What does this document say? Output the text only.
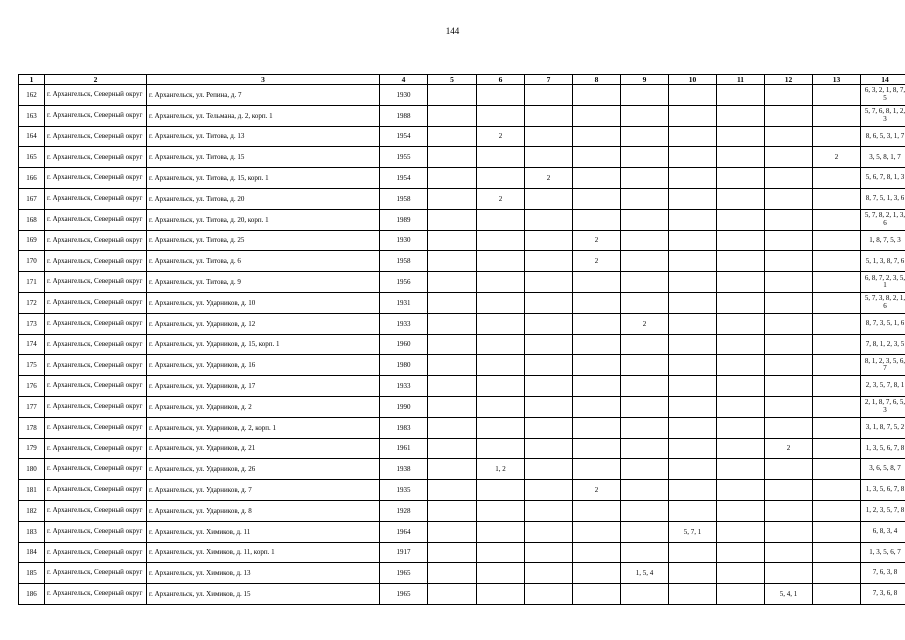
144
1	2	3	4	5	6	7	8	9	10	11	12	13	14
162	г. Архангельск, Северный округ	г. Архангельск, ул. Репина, д. 7	1930										6, 3, 2, 1, 8, 7, 5
163	г. Архангельск, Северный округ	г. Архангельск, ул. Тельмана, д. 2, корп. 1	1988										5, 7, 6, 8, 1, 2, 3
164	г. Архангельск, Северный округ	г. Архангельск, ул. Титова, д. 13	1954		2								8, 6, 5, 3, 1, 7
165	г. Архангельск, Северный округ	г. Архангельск, ул. Титова, д. 15	1955									2	3, 5, 8, 1, 7
166	г. Архангельск, Северный округ	г. Архангельск, ул. Титова, д. 15, корп. 1	1954			2							5, 6, 7, 8, 1, 3
167	г. Архангельск, Северный округ	г. Архангельск, ул. Титова, д. 20	1958		2								8, 7, 5, 1, 3, 6
168	г. Архангельск, Северный округ	г. Архангельск, ул. Титова, д. 20, корп. 1	1989										5, 7, 8, 2, 1, 3, 6
169	г. Архангельск, Северный округ	г. Архангельск, ул. Титова, д. 25	1930				2						1, 8, 7, 5, 3
170	г. Архангельск, Северный округ	г. Архангельск, ул. Титова, д. 6	1958				2						5, 1, 3, 8, 7, 6
171	г. Архангельск, Северный округ	г. Архангельск, ул. Титова, д. 9	1956										6, 8, 7, 2, 3, 5, 1
172	г. Архангельск, Северный округ	г. Архангельск, ул. Ударников, д. 10	1931										5, 7, 3, 8, 2, 1, 6
173	г. Архангельск, Северный округ	г. Архангельск, ул. Ударников, д. 12	1933					2					8, 7, 3, 5, 1, 6
174	г. Архангельск, Северный округ	г. Архангельск, ул. Ударников, д. 15, корп. 1	1960										7, 8, 1, 2, 3, 5
175	г. Архангельск, Северный округ	г. Архангельск, ул. Ударников, д. 16	1980										8, 1, 2, 3, 5, 6, 7
176	г. Архангельск, Северный округ	г. Архангельск, ул. Ударников, д. 17	1933										2, 3, 5, 7, 8, 1
177	г. Архангельск, Северный округ	г. Архангельск, ул. Ударников, д. 2	1990										2, 1, 8, 7, 6, 5, 3
178	г. Архангельск, Северный округ	г. Архангельск, ул. Ударников, д. 2, корп. 1	1983										3, 1, 8, 7, 5, 2
179	г. Архангельск, Северный округ	г. Архангельск, ул. Ударников, д. 21	1961								2		1, 3, 5, 6, 7, 8
180	г. Архангельск, Северный округ	г. Архангельск, ул. Ударников, д. 26	1938		1, 2								3, 6, 5, 8, 7
181	г. Архангельск, Северный округ	г. Архангельск, ул. Ударников, д. 7	1935				2						1, 3, 5, 6, 7, 8
182	г. Архангельск, Северный округ	г. Архангельск, ул. Ударников, д. 8	1928										1, 2, 3, 5, 7, 8
183	г. Архангельск, Северный округ	г. Архангельск, ул. Химиков, д. 11	1964						5, 7, 1				6, 8, 3, 4
184	г. Архангельск, Северный округ	г. Архангельск, ул. Химиков, д. 11, корп. 1	1917										1, 3, 5, 6, 7
185	г. Архангельск, Северный округ	г. Архангельск, ул. Химиков, д. 13	1965					1, 5, 4					7, 6, 3, 8
186	г. Архангельск, Северный округ	г. Архангельск, ул. Химиков, д. 15	1965								5, 4, 1		7, 3, 6, 8
